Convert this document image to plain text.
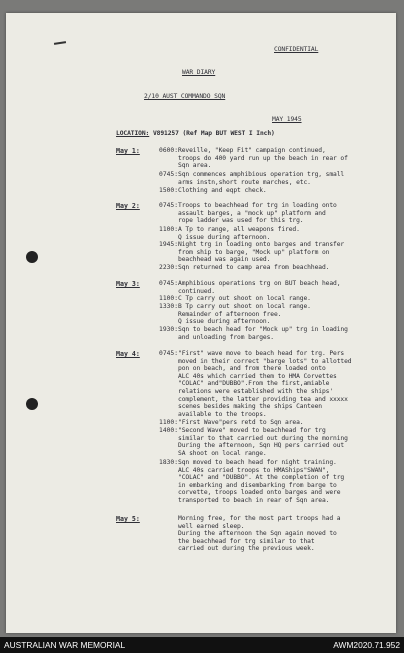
CONFIDENTIAL
WAR DIARY
2/10 AUST COMMANDO SQN
MAY 1945
LOCATION: V891257 (Ref Map BUT WEST I Inch)
May 1:	0600: Reveille, "Keep Fit" campaign continued,
troops do 400 yard run up the beach in rear of
Sqn area.
0745: Sqn commences amphibious operation trg, small
arms instn,short route marches, etc.
1500: Clothing and eqpt check.
May 2:	0745: Troops to beachhead for trg in loading onto
assault barges, a "mock up" platform and
rope ladder was used for this trg.
1100: A Tp to range, all weapons fired.
Q issue during afternoon.
1945: Night trg in loading onto barges and transfer
from ship to barge, "Mock up" platform on
beachhead was again used.
2230: Sqn returned to camp area from beachhead.
May 3:	0745: Amphibious operations trg on BUT beach head,
continued.
1100: C Tp carry out shoot on local range.
1330: B Tp carry out shoot on local range.
Remainder of afternoon free.
Q issue during afternoon.
1930: Sqn to beach head for "Mock up" trg in loading
and unloading from barges.
May 4:	0745: "First" wave move to beach head for trg. Pers
moved in their correct "barge lots" to allotted
pon on beach, and from there loaded onto
ALC 40s which carried them to HMA Corvettes
"COLAC" and"DUBBO".From the first,amiable
relations were established with the ships'
complement, the latter providing tea and xxxxx
scenes besides making the ships Canteen
available to the troops.
1100: "First Wave"pers retd to Sqn area.
1400: "Second Wave" moved to beachhead for trg
similar to that carried out during the morning
During the afternoon, Sqn HQ pers carried out
SA shoot on local range.
1830: Sqn moved to beach head for night training.
ALC 40s carried troops to HMAShips"SWAN",
"COLAC" and "DUBBO". At the completion of trg
in embarking and disembarking from barge to
corvette, troops loaded onto barges and were
transported to beach in rear of Sqn area.
May 5:	Morning free, for the most part troops had a
well earned sleep.
During the afternoon the Sqn again moved to
the beachhead for trg similar to that
carried out during the previous week.
AUSTRALIAN WAR MEMORIAL	AWM2020.71.952
